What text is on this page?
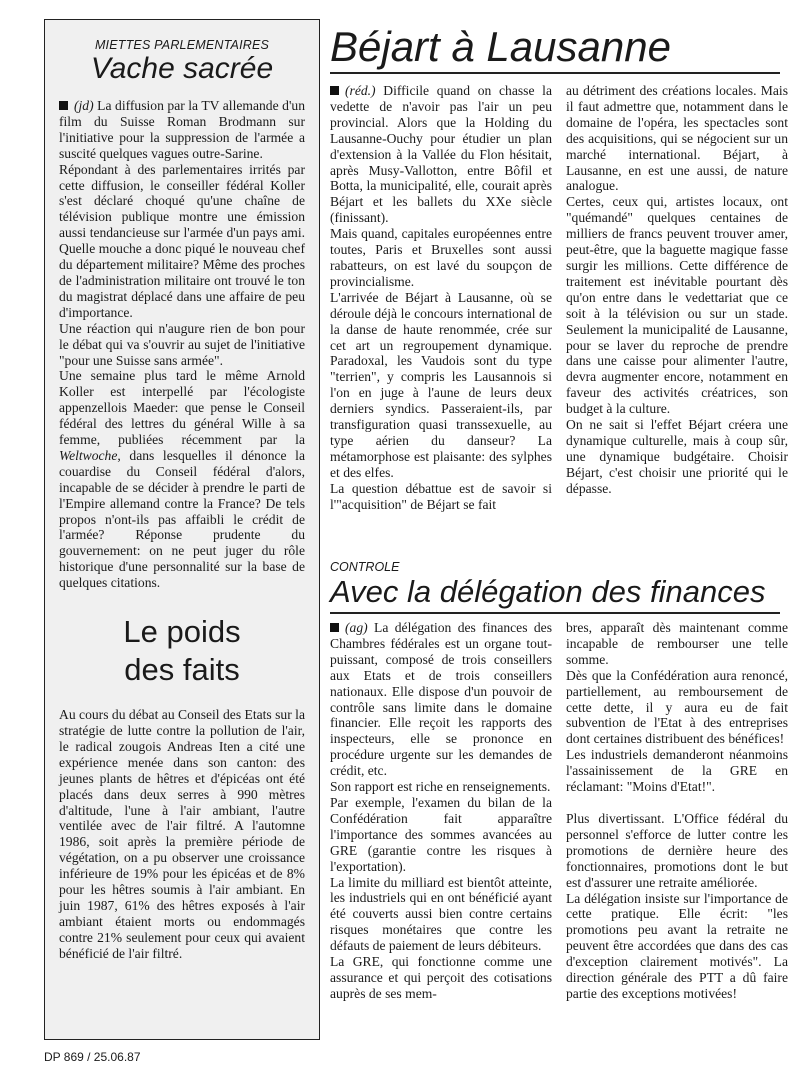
MIETTES PARLEMENTAIRES
Vache sacrée

(jd) La diffusion par la TV allemande d'un film du Suisse Roman Brodmann sur l'initiative pour la suppression de l'armée a suscité quelques vagues outre-Sarine.

Répondant à des parlementaires irrités par cette diffusion, le conseiller fédéral Koller s'est déclaré choqué qu'une chaîne de télévision publique montre une émission aussi tendancieuse sur l'armée d'un pays ami. Quelle mouche a donc piqué le nouveau chef du département militaire? Même des proches de l'administration militaire ont trouvé le ton du magistrat déplacé dans une affaire de peu d'importance.

Une réaction qui n'augure rien de bon pour le débat qui va s'ouvrir au sujet de l'initiative "pour une Suisse sans armée".

Une semaine plus tard le même Arnold Koller est interpellé par l'écologiste appenzellois Maeder: que pense le Conseil fédéral des lettres du général Wille à sa femme, publiées récemment par la Weltwoche, dans lesquelles il dénonce la couardise du Conseil fédéral d'alors, incapable de se décider à prendre le parti de l'Empire allemand contre la France? De tels propos n'ont-ils pas affaibli le crédit de l'armée? Réponse prudente du gouvernement: on ne peut juger du rôle historique d'une personnalité sur la base de quelques citations.

Le poids
des faits

Au cours du débat au Conseil des Etats sur la stratégie de lutte contre la pollution de l'air, le radical zougois Andreas Iten a cité une expérience menée dans son canton: des jeunes plants de hêtres et d'épicéas ont été placés dans deux serres à 990 mètres d'altitude, l'une à l'air ambiant, l'autre ventilée avec de l'air filtré. A l'automne 1986, soit après la première période de végétation, on a pu observer une croissance inférieure de 19% pour les épicéas et de 8% pour les hêtres soumis à l'air ambiant. En juin 1987, 61% des hêtres exposés à l'air ambiant étaient morts ou endommagés contre 21% seulement pour ceux qui avaient bénéficié de l'air filtré.

Béjart à Lausanne

(réd.) Difficile quand on chasse la vedette de n'avoir pas l'air un peu provincial. Alors que la Holding du Lausanne-Ouchy pour étudier un plan d'extension à la Vallée du Flon hésitait, après Musy-Vallotton, entre Bôfil et Botta, la municipalité, elle, courait après Béjart et les ballets du XXe siècle (finissant).

Mais quand, capitales européennes entre toutes, Paris et Bruxelles sont aussi rabatteurs, on est lavé du soupçon de provincialisme.

L'arrivée de Béjart à Lausanne, où se déroule déjà le concours international de la danse de haute renommée, crée sur cet art un regroupement dynamique. Paradoxal, les Vaudois sont du type "terrien", y compris les Lausannois si l'on en juge à l'aune de leurs deux derniers syndics. Passeraient-ils, par transfiguration quasi transsexuelle, au type aérien du danseur? La métamorphose est plaisante: des sylphes et des elfes.

La question débattue est de savoir si l'"acquisition" de Béjart se fait

au détriment des créations locales. Mais il faut admettre que, notamment dans le domaine de l'opéra, les spectacles sont des acquisitions, qui se négocient sur un marché international. Béjart, à Lausanne, en est une aussi, de nature analogue.

Certes, ceux qui, artistes locaux, ont "quémandé" quelques centaines de milliers de francs peuvent trouver amer, peut-être, que la baguette magique fasse surgir les millions. Cette différence de traitement est inévitable pourtant dès qu'on entre dans le vedettariat que ce soit à la télévision ou sur un stade. Seulement la municipalité de Lausanne, pour se laver du reproche de prendre dans une caisse pour alimenter l'autre, devra augmenter encore, notamment en faveur des activités créatrices, son budget à la culture.

On ne sait si l'effet Béjart créera une dynamique culturelle, mais à coup sûr, une dynamique budgétaire. Choisir Béjart, c'est choisir une priorité qui le dépasse.

CONTROLE
Avec la délégation des finances

(ag) La délégation des finances des Chambres fédérales est un organe tout-puissant, composé de trois conseillers aux Etats et de trois conseillers nationaux. Elle dispose d'un pouvoir de contrôle sans limite dans le domaine financier. Elle reçoit les rapports des inspecteurs, elle se prononce en procédure urgente sur les demandes de crédit, etc.

Son rapport est riche en renseignements.

Par exemple, l'examen du bilan de la Confédération fait apparaître l'importance des sommes avancées au GRE (garantie contre les risques à l'exportation).

La limite du milliard est bientôt atteinte, les industriels qui en ont bénéficié ayant été couverts aussi bien contre certains risques monétaires que contre les défauts de paiement de leurs débiteurs.

La GRE, qui fonctionne comme une assurance et qui perçoit des cotisations auprès de ses mem-

bres, apparaît dès maintenant comme incapable de rembourser une telle somme.

Dès que la Confédération aura renoncé, partiellement, au remboursement de cette dette, il y aura eu de fait subvention de l'Etat à des entreprises dont certaines distribuent des bénéfices!

Les industriels demanderont néanmoins l'assainissement de la GRE en réclamant: "Moins d'Etat!".

Plus divertissant. L'Office fédéral du personnel s'efforce de lutter contre les promotions de dernière heure des fonctionnaires, promotions dont le but est d'assurer une retraite améliorée.

La délégation insiste sur l'importance de cette pratique. Elle écrit: "les promotions peu avant la retraite ne peuvent être accordées que dans des cas d'exception clairement motivés". La direction générale des PTT a dû faire partie des exceptions motivées!

DP 869 / 25.06.87
